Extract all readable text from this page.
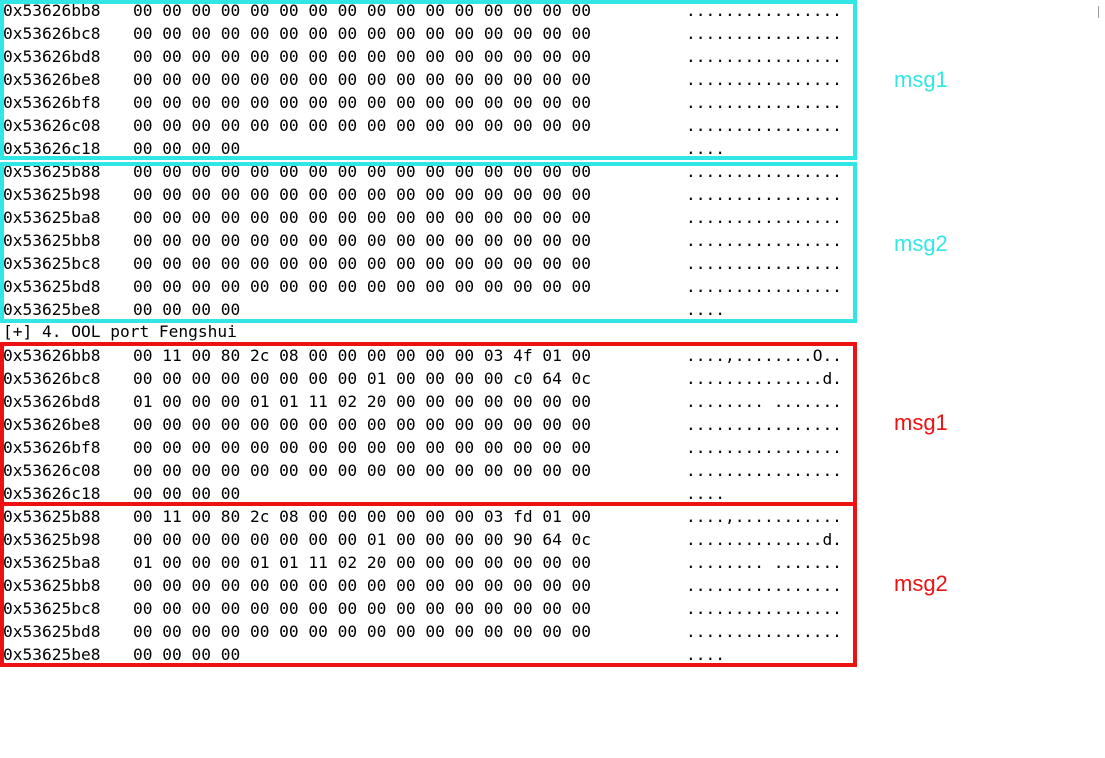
0x53626bb8

00 00 00 00 00 00 00 00 00 00 00 00 00 00 00 00

	................

0x53626bc8

00 00 00 00 00 00 00 00 00 00 00 00 00 00 00 00

	................

0x53626bd8

00 00 00 00 00 00 00 00 00 00 00 00 00 00 00 00

	................

0x53626be8

00 00 00 00 00 00 00 00 00 00 00 00 00 00 00 00

	................

0x53626bf8

00 00 00 00 00 00 00 00 00 00 00 00 00 00 00 00

	................

0x53626c08

00 00 00 00 00 00 00 00 00 00 00 00 00 00 00 00

	................

0x53626c18

00 00 00 00

	....

0x53625b88

00 00 00 00 00 00 00 00 00 00 00 00 00 00 00 00

	................

0x53625b98

00 00 00 00 00 00 00 00 00 00 00 00 00 00 00 00

	................

0x53625ba8

00 00 00 00 00 00 00 00 00 00 00 00 00 00 00 00

	................

0x53625bb8

00 00 00 00 00 00 00 00 00 00 00 00 00 00 00 00

	................

0x53625bc8

00 00 00 00 00 00 00 00 00 00 00 00 00 00 00 00

	................

0x53625bd8

00 00 00 00 00 00 00 00 00 00 00 00 00 00 00 00

	................

0x53625be8

00 00 00 00

	....

[+] 4. OOL port Fengshui

0x53626bb8

00 11 00 80 2c 08 00 00 00 00 00 00 03 4f 01 00

	....,........O..

0x53626bc8

00 00 00 00 00 00 00 00 01 00 00 00 00 c0 64 0c

	..............d.

0x53626bd8

01 00 00 00 01 01 11 02 20 00 00 00 00 00 00 00

	........ .......

0x53626be8

00 00 00 00 00 00 00 00 00 00 00 00 00 00 00 00

	................

0x53626bf8

00 00 00 00 00 00 00 00 00 00 00 00 00 00 00 00

	................

0x53626c08

00 00 00 00 00 00 00 00 00 00 00 00 00 00 00 00

	................

0x53626c18

00 00 00 00

	....

0x53625b88

00 11 00 80 2c 08 00 00 00 00 00 00 03 fd 01 00

	....,...........

0x53625b98

00 00 00 00 00 00 00 00 01 00 00 00 00 90 64 0c

	..............d.

0x53625ba8

01 00 00 00 01 01 11 02 20 00 00 00 00 00 00 00

	........ .......

0x53625bb8

00 00 00 00 00 00 00 00 00 00 00 00 00 00 00 00

	................

0x53625bc8

00 00 00 00 00 00 00 00 00 00 00 00 00 00 00 00

	................

0x53625bd8

00 00 00 00 00 00 00 00 00 00 00 00 00 00 00 00

	................

0x53625be8

00 00 00 00

	....

msg1
msg2
msg1
msg2
